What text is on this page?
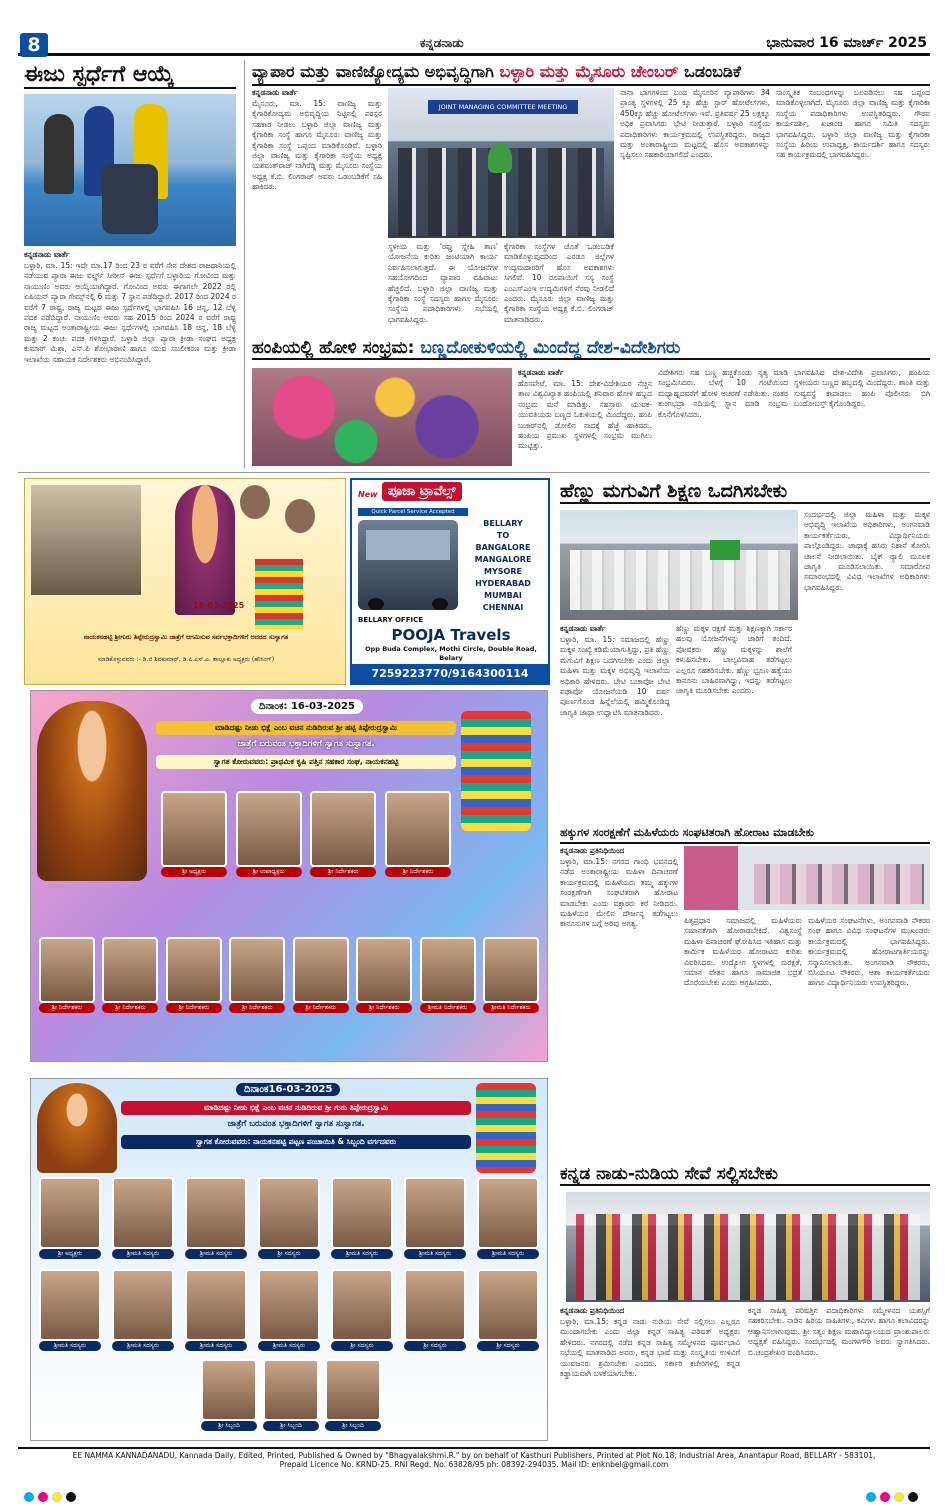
8	ಕನ್ನಡನಾಡು	ಭಾನುವಾರ 16 ಮಾರ್ಚ್ 2025
ಈಜು ಸ್ಪರ್ಧೆಗೆ ಆಯ್ಕೆ
ಕನ್ನಡನಾಡು ವಾರ್ತೆ
ಬಳ್ಳಾರಿ, ಮಾ. 15: ಇದೇ ಮಾ.17 ರಿಂದ 23 ರ ವರೆಗೆ ಸೇನ ದೇಶದ ರಾಜಧಾನಿಯಲ್ಲಿ ನಡೆಯುವ ಪ್ಯಾರಾ ಈಜು ವರ್ಲ್ಡ್ ಸೀರೀಸ್ ಈಜು ಸ್ಪರ್ಧೆಗೆ ಬಳ್ಳಾರಿಯ ಗೋವಿಂದ ಮತ್ತು ನಾಯುಣಿಂ ಅವರು ಆಯ್ಕೆಯಾಗಿದ್ದಾರೆ. ಗೋವಿಂದ ಅವರು ಈಗಾಗಲೇ 2022 ರಲ್ಲಿ ಏಷಿಯನ್ ಪ್ಯಾರಾ ಗೇಮ್ಸ್‌ನಲ್ಲಿ 6 ಮತ್ತು 7 ಸ್ಥಾನ ಪಡೆದಿದ್ದಾರೆ. 2017 ರಿಂದ 2024 ರ ವರೆಗೆ 7 ರಾಷ್ಟ್ರ, ರಾಜ್ಯ ಮಟ್ಟದ ಈಜು ಸ್ಪರ್ಧೆಗಳಲ್ಲಿ ಭಾಗವಹಿಸಿ 16 ಚಿನ್ನ, 12 ಬೆಳ್ಳಿ ಪದಕ ಪಡೆದಿದ್ದಾರೆ. ನಾಯುಣಿಂ ಅವರು ಸಹ 2015 ರಿಂದ 2024 ರ ವರೆಗೆ ರಾಷ್ಟ್ರ ರಾಜ್ಯ ಮಟ್ಟದ ಅಂತಾರಾಷ್ಟ್ರೀಯ ಈಜು ಸ್ಪರ್ಧೆಗಳಲ್ಲಿ ಭಾಗವಹಿಸಿ 18 ಚಿನ್ನ, 18 ಬೆಳ್ಳಿ ಮತ್ತು 2 ಕಂಚು ಪದಕ ಗಳಿಸಿದ್ದಾರೆ. ಬಳ್ಳಾರಿ ಜಿಲ್ಲಾ ಪ್ಯಾರಾ ಕ್ರೀಡಾ ಸಂಘದ ಅಧ್ಯಕ್ಷ ಕುಮಾರ್ ಮಿಶ್ರಾ, ಎಸ್.ಪಿ ಶೋಭಾರಾಣಿ ಹಾಗೂ ಯುವ ಸಬಲೀಕರಣ ಮತ್ತು ಕ್ರೀಡಾ ಇಲಾಖೆಯ ಸಹಾಯಕ ನಿರ್ದೇಶಕರು ಅಭಿನಂದಿಸಿದ್ದಾರೆ.
ವ್ಯಾಪಾರ ಮತ್ತು ವಾಣಿಜ್ಯೋದ್ಯಮ ಅಭಿವೃದ್ಧಿಗಾಗಿ ಬಳ್ಳಾರಿ ಮತ್ತು ಮೈಸೂರು ಚೇಂಬರ್ ಒಡಂಬಡಿಕೆ
ಕನ್ನಡನಾಡು ವಾರ್ತೆ
ಮೈಸೂರು, ಮಾ. 15: ವಾಣಿಜ್ಯ ಮತ್ತು ಕೈಗಾರಿಕೋದ್ಯಮ ಅಭಿವೃದ್ಧಿಯ ನಿಟ್ಟಿನಲ್ಲಿ ಪರಸ್ಪರ ಸಹಕಾರ ನೀಡಲು ಬಳ್ಳಾರಿ ಜಿಲ್ಲಾ ವಾಣಿಜ್ಯ ಮತ್ತು ಕೈಗಾರಿಕಾ ಸಂಸ್ಥೆ ಹಾಗೂ ಮೈಸೂರು ವಾಣಿಜ್ಯ ಮತ್ತು ಕೈಗಾರಿಕಾ ಸಂಸ್ಥೆ ಒಪ್ಪಂದ ಮಾಡಿಕೊಂಡಿವೆ. ಬಳ್ಳಾರಿ ಜಿಲ್ಲಾ ವಾಣಿಜ್ಯ ಮತ್ತು ಕೈಗಾರಿಕಾ ಸಂಸ್ಥೆಯ ಅಧ್ಯಕ್ಷ ಯಶವಂತ್‌ರಾಜ್ ನಾಗಿರೆಡ್ಡಿ ಮತ್ತು ಮೈಸೂರು ಸಂಸ್ಥೆಯ ಅಧ್ಯಕ್ಷ ಕೆ.ಬಿ. ಲಿಂಗರಾಜ್ ಅವರು ಒಡಂಬಡಿಕೆಗೆ ಸಹಿ ಹಾಕಿದರು.
JOINT MANAGING COMMITTEE MEETING
ಸ್ಥಳೀಯ ಮತ್ತು 'ರಫ್ತು ಸ್ನೇಹಿ ತಾಣ' ಯೋಜನೆಯ ಕುರಿತು ಜಂಟಿಯಾಗಿ ಕಾರ್ಯ ನಿರ್ವಹಿಸಲಾಗುತ್ತದೆ. ಈ ಯೋಜನೆಗಳ ಸಹಯೋಗದಿಂದ ವ್ಯಾಪಾರ ವಹಿವಾಟು ಹೆಚ್ಚಲಿದೆ. ಬಳ್ಳಾರಿ ಜಿಲ್ಲಾ ವಾಣಿಜ್ಯ ಮತ್ತು ಕೈಗಾರಿಕಾ ಸಂಸ್ಥೆ ಸದಸ್ಯರು ಹಾಗೂ ಮೈಸೂರು ಸಂಸ್ಥೆಯ ಪದಾಧಿಕಾರಿಗಳು ಸಭೆಯಲ್ಲಿ ಭಾಗವಹಿಸಿದ್ದರು.
ಕೈಗಾರಿಕಾ ಸಂಸ್ಥೆಗಳ ಜೊತೆ ಒಡಂಬಡಿಕೆ ಮಾಡಿಕೊಳ್ಳುವುದರಿಂದ ಎರಡೂ ಜಿಲ್ಲೆಗಳ ಉದ್ಯಮದಾರರಿಗೆ ಹೊಸ ಅವಕಾಶಗಳು ಸಿಗಲಿವೆ. 10 ರೂಪಾಯಿಗೆ ಸಸ್ಯ ಸಂಸ್ಥೆ ಎಂಎಸ್‌ಎಂಇ ಉದ್ಯಮಿಗಳಿಗೆ ನೆರವು ನೀಡಲಿದೆ ಎಂದರು. ಮೈಸೂರು ಜಿಲ್ಲಾ ವಾಣಿಜ್ಯ ಮತ್ತು ಕೈಗಾರಿಕಾ ಸಂಸ್ಥೆಯ ಅಧ್ಯಕ್ಷ ಕೆ.ಬಿ. ಲಿಂಗರಾಜ್ ಮಾತನಾಡಿದರು.
ನಾನಾ ಭಾಗಗಳಿಂದ ಬಂದ ಮೈಸೂರಿನ ವ್ಯಾಪಾರಿಗಳು 34 ಪ್ರಾಂತ್ಯ ಸ್ಥಳಗಳಲ್ಲಿ 25 ಕ್ಕೂ ಹೆಚ್ಚು ಸ್ಟಾರ್ ಹೋಟೆಲ್‌ಗಳು, 450ಕ್ಕೂ ಹೆಚ್ಚು ಹೋಟೆಲ್‌ಗಳು ಇವೆ. ಪ್ರತಿವರ್ಷ 25 ಲಕ್ಷಕ್ಕೂ ಅಧಿಕ ಪ್ರವಾಸಿಗರು ಭೇಟಿ ನೀಡುತ್ತಾರೆ. ಬಳ್ಳಾರಿ ಸಂಸ್ಥೆಯ ಪದಾಧಿಕಾರಿಗಳು ಕಾರ್ಯಕ್ರಮದಲ್ಲಿ ಉಪಸ್ಥಿತರಿದ್ದರು. ರಾಜ್ಯದ ಮತ್ತು ಅಂತಾರಾಷ್ಟ್ರೀಯ ಮಟ್ಟದಲ್ಲಿ ಹೊಸ ಅವಕಾಶಗಳನ್ನು ಸೃಷ್ಟಿಸಲು ಸಹಕಾರಿಯಾಗಲಿದೆ ಎಂದರು.
ಸಾಂಸ್ಕೃತಿಕ ಸಂಬಂಧಗಳನ್ನು ಬಲಪಡಿಸಲು ಸಹ ಒಪ್ಪಂದ ಮಾಡಿಕೊಳ್ಳಲಾಗಿದೆ. ಮೈಸೂರು ಜಿಲ್ಲಾ ವಾಣಿಜ್ಯ ಮತ್ತು ಕೈಗಾರಿಕಾ ಸಂಸ್ಥೆಯ ಪದಾಧಿಕಾರಿಗಳು ಉಪಸ್ಥಿತರಿದ್ದರು. ಗೌರವ ಕಾರ್ಯದರ್ಶಿ, ಖಜಾಂಚಿ ಹಾಗೂ ಸಮಿತಿ ಸದಸ್ಯರು ಭಾಗವಹಿಸಿದ್ದರು. ಬಳ್ಳಾರಿ ಜಿಲ್ಲಾ ವಾಣಿಜ್ಯ ಮತ್ತು ಕೈಗಾರಿಕಾ ಸಂಸ್ಥೆಯ ಹಿರಿಯ ಉಪಾಧ್ಯಕ್ಷ, ಕಾರ್ಯದರ್ಶಿ ಹಾಗೂ ಸದಸ್ಯರು ಸಹ ಕಾರ್ಯಕ್ರಮದಲ್ಲಿ ಭಾಗವಹಿಸಿದ್ದರು.
ಹಂಪಿಯಲ್ಲಿ ಹೋಳಿ ಸಂಭ್ರಮ: ಬಣ್ಣದೋಕುಳಿಯಲ್ಲಿ ಮಿಂದೆದ್ದ ದೇಶ-ವಿದೇಶಿಗರು
ಕನ್ನಡನಾಡು ವಾರ್ತೆ
ಹೊಸಪೇಟೆ, ಮಾ. 15: ದೇಶ-ವಿದೇಶಿಯರ ನೆಚ್ಚಿನ ತಾಣ ವಿಶ್ವವಿಖ್ಯಾತ ಹಂಪಿಯಲ್ಲಿ ಶನಿವಾರ ಹೋಳಿ ಹಬ್ಬದ ಸಂಭ್ರಮ ಮನೆ ಮಾಡಿತ್ತು. ಸಹಸ್ರಾರು ಯುವಕ-ಯುವತಿಯರು ಬಣ್ಣದ ಓಕುಳಿಯಲ್ಲಿ ಮಿಂದೆದ್ದರು. ಹಂಪಿ ಬಜಾರ್‌ನಲ್ಲಿ ಡೋಲಿನ ನಾದಕ್ಕೆ ಹೆಜ್ಜೆ ಹಾಕಿದರು. ಹಂಪಿಯ ಪ್ರಮುಖ ಸ್ಥಳಗಳಲ್ಲಿ ಸಂಭ್ರಮ ಮುಗಿಲು ಮುಟ್ಟಿತ್ತು.
ವಿದೇಶಿಗರು ಸಹ ಬಣ್ಣ ಹಚ್ಚಿಕೊಂಡು ನೃತ್ಯ ಮಾಡಿ ಸಂಭ್ರಮಿಸಿದರು. ಬೆಳಗ್ಗೆ 10 ಗಂಟೆಯಿಂದ ಮಧ್ಯಾಹ್ನದವರೆಗೆ ಹೋಳಿ ಆಚರಣೆ ನಡೆಯಿತು. ನಂತರ ತುಂಗಭದ್ರಾ ನದಿಯಲ್ಲಿ ಸ್ನಾನ ಮಾಡಿ ಸಂಭ್ರಮ ಕೊನೆಗೊಳಿಸಿದರು.
ಭಾಗವಹಿಸಿದ ದೇಶ-ವಿದೇಶಿ ಪ್ರವಾಸಿಗರು, ಹಂಪಿಯ ಸ್ಥಳೀಯರು ಬಣ್ಣದ ಹಬ್ಬದಲ್ಲಿ ಮಿಂದೆದ್ದರು. ಶಾಂತಿ ಮತ್ತು ಸುವ್ಯವಸ್ಥೆ ಕಾಪಾಡಲು ಹಂಪಿ ಪೊಲೀಸರು ಬಿಗಿ ಬಂದೋಬಸ್ತ್ ಕೈಗೊಂಡಿದ್ದರು.
16-03-2025
ನಾಯಕನಹಟ್ಟಿ ಶ್ರೀಗುರು ತಿಪ್ಪೇರುದ್ರಸ್ವಾಮಿ ಜಾತ್ರೆಗೆ ಆಗಮಿಸುವ ಸರ್ವಭಕ್ತಾದಿಗಳಿಗೆ ಆದರದ ಸುಸ್ವಾಗತ
ಮಾಡಿಕೊಳ್ಳುವವರು :- ಡಿ.ಜಿ ಶಿವಕುಮಾರ್, ಡಿ.ಪಿ.ಎಸ್.ಎ. ತಾಲ್ಲೂಕು ಅಧ್ಯಕ್ಷರು (ಹೌಸಿಂಗ್)
New ಪೂಜಾ ಟ್ರಾವೆಲ್ಸ್
Quick Parcel Service Accepted
BELLARY
TO
BANGALORE
MANGALORE
MYSORE
HYDERABAD
MUMBAI
CHENNAI
BELLARY OFFICE
POOJA Travels
Opp Buda Complex, Mothi Circle, Double Road, Belary
7259223770/9164300114
ಹೆಣ್ಣು ಮಗುವಿಗೆ ಶಿಕ್ಷಣ ಒದಗಿಸಬೇಕು
ಕನ್ನಡನಾಡು ವಾರ್ತೆ
ಬಳ್ಳಾರಿ, ಮಾ. 15: ಸಮಾಜದಲ್ಲಿ ಹೆಣ್ಣು ಮಕ್ಕಳ ಸಂಖ್ಯೆ ಕಡಿಮೆಯಾಗುತ್ತಿದ್ದು, ಪ್ರತಿ ಹೆಣ್ಣು ಮಗುವಿಗೆ ಶಿಕ್ಷಣ ಒದಗಿಸಬೇಕು ಎಂದು ಜಿಲ್ಲಾ ಮಹಿಳಾ ಮತ್ತು ಮಕ್ಕಳ ಅಭಿವೃದ್ಧಿ ಇಲಾಖೆಯ ಅಧಿಕಾರಿ ಹೇಳಿದರು. ಬೇಟಿ ಬಚಾವೋ ಬೇಟಿ ಪಢಾವೋ ಯೋಜನೆಯಡಿ 10 ವರ್ಷ ಪೂರ್ಣಗೊಂಡ ಹಿನ್ನೆಲೆಯಲ್ಲಿ ಹಮ್ಮಿಕೊಂಡಿದ್ದ ಜಾಗೃತಿ ಜಾಥಾ ಉದ್ಘಾಟಿಸಿ ಮಾತನಾಡಿದರು.
ಹೆಣ್ಣು ಮಕ್ಕಳ ರಕ್ಷಣೆ ಮತ್ತು ಶಿಕ್ಷಣಕ್ಕಾಗಿ ಸರ್ಕಾರ ಹಲವು ಯೋಜನೆಗಳನ್ನು ಜಾರಿಗೆ ತಂದಿದೆ. ಪೋಷಕರು ಹೆಣ್ಣು ಮಕ್ಕಳನ್ನು ಶಾಲೆಗೆ ಕಳುಹಿಸಬೇಕು. ಬಾಲ್ಯವಿವಾಹ ತಡೆಗಟ್ಟಲು ಎಲ್ಲರೂ ಸಹಕರಿಸಬೇಕು. ಹೆಣ್ಣು ಭ್ರೂಣ ಹತ್ಯೆಯು ಕಾನೂನು ಬಾಹಿರವಾಗಿದ್ದು, ಇದನ್ನು ತಡೆಗಟ್ಟಲು ಜಾಗೃತಿ ಮೂಡಿಸಬೇಕು ಎಂದರು.
ಸಂದರ್ಭದಲ್ಲಿ ಜಿಲ್ಲಾ ಮಹಿಳಾ ಮತ್ತು ಮಕ್ಕಳ ಅಭಿವೃದ್ಧಿ ಇಲಾಖೆಯ ಅಧಿಕಾರಿಗಳು, ಅಂಗನವಾಡಿ ಕಾರ್ಯಕರ್ತೆಯರು, ವಿದ್ಯಾರ್ಥಿನಿಯರು ಪಾಲ್ಗೊಂಡಿದ್ದರು. ಜಾಥಾಕ್ಕೆ ಹಸಿರು ನಿಶಾನೆ ತೋರಿಸಿ ಚಾಲನೆ ನೀಡಲಾಯಿತು. ಬೈಕ್ ರ‍್ಯಾಲಿ ಮೂಲಕ ಜಾಗೃತಿ ಮೂಡಿಸಲಾಯಿತು. ಸಮಾರೋಪ ಸಮಾರಂಭದಲ್ಲಿ ವಿವಿಧ ಇಲಾಖೆಗಳ ಅಧಿಕಾರಿಗಳು ಭಾಗವಹಿಸಿದ್ದರು.
ದಿನಾಂಕ: 16-03-2025
ಮಾಡಿದಷ್ಟು ನೀಡು ಭಿಕ್ಷೆ ಎಂಬ ವಚನ ನುಡಿದಿರುವ ಶ್ರೀ ಹಟ್ಟಿ ತಿಪ್ಪೇರುದ್ರಸ್ವಾಮಿ
ಜಾತ್ರೆಗೆ ಬರುವಂತ ಭಕ್ತಾದಿಗಳಿಗೆ ಸ್ವಾಗತ ಸುಸ್ವಾಗತ.
ಸ್ವಾಗತ ಕೋರುವವರು: ಪ್ರಾಥಮಿಕ ಕೃಷಿ ಪತ್ತಿನ ಸಹಕಾರ ಸಂಘ, ನಾಯಕನಹಟ್ಟಿ
ಶ್ರೀ ಅಧ್ಯಕ್ಷರು	ಶ್ರೀ ಉಪಾಧ್ಯಕ್ಷರು	ಶ್ರೀ ನಿರ್ದೇಶಕರು	ಶ್ರೀ ನಿರ್ದೇಶಕರು
ಶ್ರೀ ನಿರ್ದೇಶಕರು	ಶ್ರೀ ನಿರ್ದೇಶಕರು	ಶ್ರೀ ನಿರ್ದೇಶಕರು	ಶ್ರೀ ನಿರ್ದೇಶಕರು	ಶ್ರೀ ನಿರ್ದೇಶಕರು	ಶ್ರೀ ನಿರ್ದೇಶಕರು	ಶ್ರೀಮತಿ ನಿರ್ದೇಶಕರು	ಶ್ರೀಮತಿ ನಿರ್ದೇಶಕರು
ಹಕ್ಕುಗಳ ಸಂರಕ್ಷಣೆಗೆ ಮಹಿಳೆಯರು ಸಂಘಟಿತರಾಗಿ ಹೋರಾಟ ಮಾಡಬೇಕು
ಕನ್ನಡನಾಡು ಪ್ರತಿನಿಧಿಯಿಂದ
ಬಳ್ಳಾರಿ, ಮಾ.15: ನಗರದ ಗಾಂಧಿ ಭವನದಲ್ಲಿ ನಡೆದ ಅಂತಾರಾಷ್ಟ್ರೀಯ ಮಹಿಳಾ ದಿನಾಚರಣೆ ಕಾರ್ಯಕ್ರಮದಲ್ಲಿ ಮಹಿಳೆಯರು ತಮ್ಮ ಹಕ್ಕುಗಳ ಸಂರಕ್ಷಣೆಗಾಗಿ ಸಂಘಟಿತರಾಗಿ ಹೋರಾಟ ಮಾಡಬೇಕು ಎಂದು ವಕ್ತಾರರು ಕರೆ ನೀಡಿದರು. ಮಹಿಳೆಯರ ಮೇಲಿನ ದೌರ್ಜನ್ಯ ತಡೆಗಟ್ಟಲು ಕಾನೂನುಗಳ ಬಗ್ಗೆ ಅರಿವು ಅಗತ್ಯ.	ಪಿತೃಪ್ರಧಾನ ಸಮಾಜದಲ್ಲಿ ಮಹಿಳೆಯರು ಸಮಾನತೆಗಾಗಿ ಹೋರಾಡಬೇಕಿದೆ. ವಿಶ್ವಸಂಸ್ಥೆ ಮಹಿಳಾ ದಿನಾಚರಣೆ ಘೋಷಿಸಿದ ಇತಿಹಾಸ ಮತ್ತು ಕಾರ್ಮಿಕ ಮಹಿಳೆಯರ ಹೋರಾಟದ ಕುರಿತು ವಿವರಿಸಿದರು. ಉದ್ಯೋಗ ಸ್ಥಳಗಳಲ್ಲಿ ಸುರಕ್ಷತೆ, ಸಮಾನ ವೇತನ ಹಾಗೂ ಸಾಮಾಜಿಕ ಭದ್ರತೆ ದೊರೆಯಬೇಕು ಎಂದು ಆಗ್ರಹಿಸಿದರು.
ಮಹಿಳೆಯರ ಸಂಘಟನೆಗಳು, ಅಂಗನವಾಡಿ ನೌಕರರ ಸಂಘ ಹಾಗೂ ವಿವಿಧ ಸಂಘಟನೆಗಳ ಮುಖಂಡರು ಕಾರ್ಯಕ್ರಮದಲ್ಲಿ ಭಾಗವಹಿಸಿದ್ದರು. ಕಾರ್ಯಕ್ರಮದಲ್ಲಿ ಹೋರಾಟಗಾರ್ತಿಯರನ್ನು ಸನ್ಮಾನಿಸಲಾಯಿತು. ಅಂಗನವಾಡಿ ನೌಕರರು, ಬಿಸಿಯೂಟ ನೌಕರರು, ಆಶಾ ಕಾರ್ಯಕರ್ತೆಯರು ಹಾಗೂ ವಿದ್ಯಾರ್ಥಿನಿಯರು ಉಪಸ್ಥಿತರಿದ್ದರು.
ದಿನಾಂಕ16-03-2025
ಮಾಡಿದಷ್ಟು ನೀಡು ಭಿಕ್ಷೆ ಎಂಬ ವಚನ ನುಡಿದಿರುವ ಶ್ರೀ ಗುರು ತಿಪ್ಪೇರುದ್ರಸ್ವಾಮಿ
ಜಾತ್ರೆಗೆ ಬರುವಂತ ಭಕ್ತಾದಿಗಳಿಗೆ ಸ್ವಾಗತ ಸುಸ್ವಾಗತ.
ಸ್ವಾಗತ ಕೋರುವವರು: ನಾಯಕನಹಟ್ಟಿ ಪಟ್ಟಣ ಪಂಚಾಯಿತಿ & ಸಿಬ್ಬಂದಿ ವರ್ಗದವರು
ಶ್ರೀ ಅಧ್ಯಕ್ಷರು	ಶ್ರೀಮತಿ ಸದಸ್ಯರು	ಶ್ರೀಮತಿ ಸದಸ್ಯರು	ಶ್ರೀ ಸದಸ್ಯರು	ಶ್ರೀಮತಿ ಸದಸ್ಯರು	ಶ್ರೀಮತಿ ಸದಸ್ಯರು	ಶ್ರೀಮತಿ ಸದಸ್ಯರು
ಶ್ರೀಮತಿ ಸದಸ್ಯರು	ಶ್ರೀಮತಿ ಸದಸ್ಯರು	ಶ್ರೀಮತಿ ಸದಸ್ಯರು	ಶ್ರೀಮತಿ ಸದಸ್ಯರು	ಶ್ರೀ ಸದಸ್ಯರು	ಶ್ರೀ ಸದಸ್ಯರು	ಶ್ರೀ ಸದಸ್ಯರು
ಶ್ರೀ ಸಿಬ್ಬಂದಿ	ಶ್ರೀ ಸಿಬ್ಬಂದಿ	ಶ್ರೀ ಸಿಬ್ಬಂದಿ
ಕನ್ನಡ ನಾಡು-ನುಡಿಯ ಸೇವೆ ಸಲ್ಲಿಸಬೇಕು
ಕನ್ನಡನಾಡು ಪ್ರತಿನಿಧಿಯಿಂದ
ಬಳ್ಳಾರಿ, ಮಾ.15: ಕನ್ನಡ ನಾಡು ನುಡಿಯ ಸೇವೆ ಸಲ್ಲಿಸಲು ಎಲ್ಲರೂ ಮುಂದಾಗಬೇಕು ಎಂದು ಜಿಲ್ಲಾ ಕನ್ನಡ ಸಾಹಿತ್ಯ ಪರಿಷತ್ ಅಧ್ಯಕ್ಷರು ಹೇಳಿದರು. ನಗರದಲ್ಲಿ ನಡೆದ ಕನ್ನಡ ಸಾಹಿತ್ಯ ಸಮ್ಮೇಳನದ ಪೂರ್ವಭಾವಿ ಸಭೆಯಲ್ಲಿ ಮಾತನಾಡಿದ ಅವರು, ಕನ್ನಡ ಭಾಷೆ ಮತ್ತು ಸಂಸ್ಕೃತಿಯ ಉಳಿವಿಗೆ ಯುವಜನರು ಶ್ರಮಿಸಬೇಕು ಎಂದರು. ಸರ್ಕಾರಿ ಕಚೇರಿಗಳಲ್ಲಿ ಕನ್ನಡ ಕಡ್ಡಾಯವಾಗಿ ಬಳಕೆಯಾಗಬೇಕು.
ಕನ್ನಡ ಸಾಹಿತ್ಯ ಪರಿಷತ್ತಿನ ಪದಾಧಿಕಾರಿಗಳು ಸಮ್ಮೇಳನದ ಯಶಸ್ಸಿಗೆ ಸಹಕರಿಸಬೇಕು. ನಾಡಿನ ಹಿರಿಯ ಸಾಹಿತಿಗಳು, ಕವಿಗಳು ಹಾಗೂ ಕಲಾವಿದರನ್ನು ಆಹ್ವಾನಿಸಲಾಗುವುದು. ಶ್ರೀ ಸತ್ಯಂ ಶಿಕ್ಷಣ ಮಹಾವಿದ್ಯಾಲಯದ ಪ್ರಾಂಶುಪಾಲರು ಅಧ್ಯಕ್ಷತೆ ವಹಿಸಿದ್ದರು. ಸಂದರ್ಭದಲ್ಲಿ ಮಂಗಳಗೌರಿ ಅವರು ಸ್ವಾಗತಿಸಿದರು. ಬಿ.ಚಂದ್ರಶೇಖರ ವಂದಿಸಿದರು.
EE NAMMA KANNADANADU, Kannada Daily, Edited, Printed, Published & Owned by "Bhagyalakshmi.R." by on behalf of Kasthuri Publishers, Printed at Plot No.18, Industrial Area, Anantapur Road, BELLARY - 583101,
Prepaid Licence No. KRND-25. RNI Regd. No. 63828/95 ph: 08392-294035. Mail ID: enknbel@gmail.com
